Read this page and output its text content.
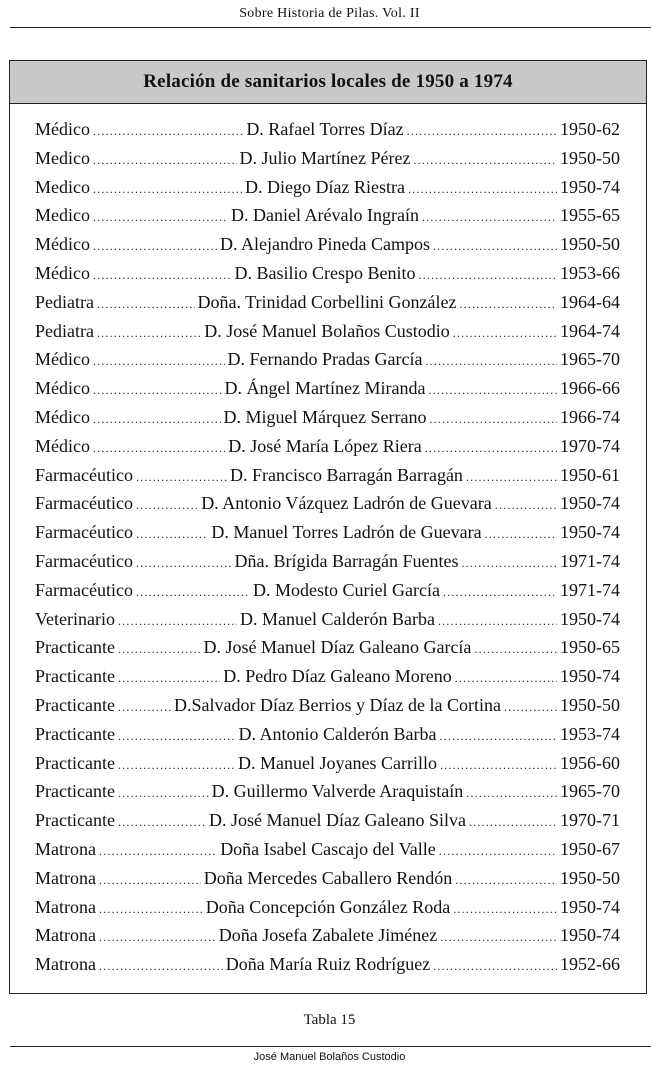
Sobre Historia de Pilas. Vol. II
Relación de sanitarios locales de 1950 a 1974
Médico .....	D. Rafael Torres Díaz .....	1950-62
Medico .....	D. Julio Martínez Pérez .....	1950-50
Medico .....	D. Diego Díaz Riestra .....	1950-74
Medico .....	D. Daniel Arévalo Ingraín .....	1955-65
Médico .....	D. Alejandro Pineda Campos .....	1950-50
Médico .....	D. Basilio Crespo Benito .....	1953-66
Pediatra .....	Doña. Trinidad Corbellini González .....	1964-64
Pediatra .....	D. José Manuel Bolaños Custodio .....	1964-74
Médico .....	D. Fernando Pradas García .....	1965-70
Médico .....	D. Ángel Martínez Miranda .....	1966-66
Médico .....	D. Miguel Márquez Serrano .....	1966-74
Médico .....	D. José María López Riera .....	1970-74
Farmacéutico .....	D. Francisco Barragán Barragán .....	1950-61
Farmacéutico .....	D. Antonio Vázquez Ladrón de Guevara .....	1950-74
Farmacéutico .....	D. Manuel Torres Ladrón de Guevara .....	1950-74
Farmacéutico .....	Dña. Brígida Barragán Fuentes .....	1971-74
Farmacéutico .....	D. Modesto Curiel García .....	1971-74
Veterinario .....	D. Manuel Calderón Barba .....	1950-74
Practicante .....	D. José Manuel Díaz Galeano García .....	1950-65
Practicante .....	D. Pedro Díaz Galeano Moreno .....	1950-74
Practicante .....	D.Salvador Díaz Berrios y Díaz de la Cortina .....	1950-50
Practicante .....	D. Antonio Calderón Barba .....	1953-74
Practicante .....	D. Manuel Joyanes Carrillo .....	1956-60
Practicante .....	D. Guillermo Valverde Araquistaín .....	1965-70
Practicante .....	D. José Manuel Díaz Galeano Silva .....	1970-71
Matrona .....	Doña Isabel Cascajo del Valle .....	1950-67
Matrona .....	Doña Mercedes Caballero Rendón .....	1950-50
Matrona .....	Doña Concepción González Roda .....	1950-74
Matrona .....	Doña Josefa Zabalete Jiménez .....	1950-74
Matrona .....	Doña María Ruiz Rodríguez .....	1952-66
Tabla 15
José Manuel Bolaños Custodio
